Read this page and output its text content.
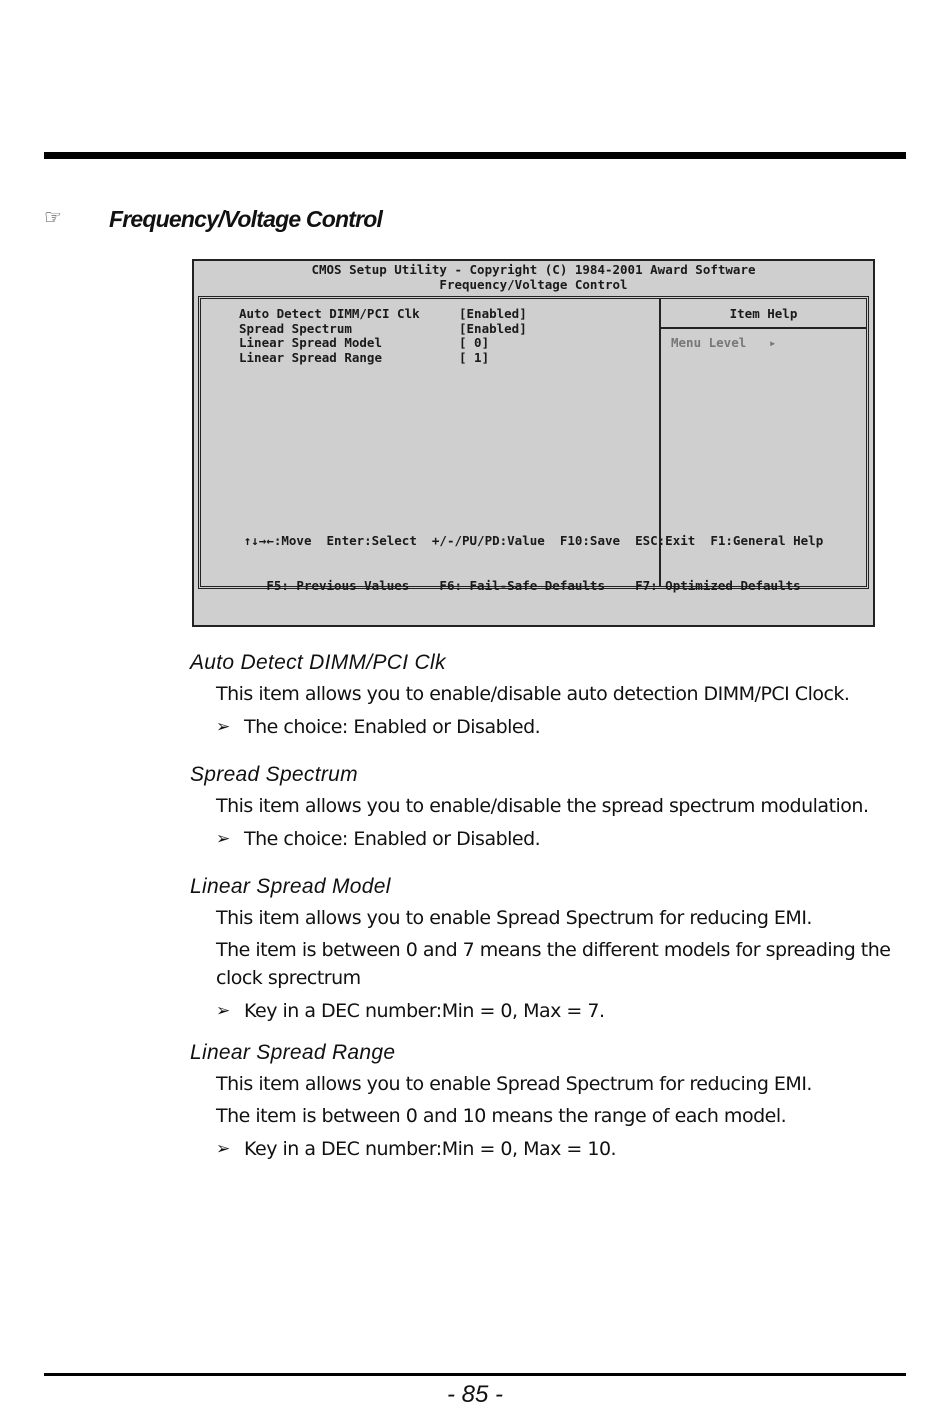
☞ Frequency/Voltage Control
CMOS Setup Utility - Copyright (C) 1984-2001 Award Software
Frequency/Voltage Control
Auto Detect DIMM/PCI Clk	[Enabled]
Spread Spectrum	[Enabled]
Linear Spread Model	[ 0]
Linear Spread Range	[ 1]
Item Help
Menu Level   ▸

↑↓→←:Move  Enter:Select  +/-/PU/PD:Value  F10:Save  ESC:Exit  F1:General Help

F5: Previous Values    F6: Fail-Safe Defaults    F7: Optimized Defaults

Auto Detect DIMM/PCI Clk

This item allows you to enable/disable auto detection DIMM/PCI Clock.

➢ The choice: Enabled or Disabled.

Spread Spectrum

This item allows you to enable/disable the spread spectrum modulation.

➢ The choice: Enabled or Disabled.

Linear Spread Model

This item allows you to enable Spread Spectrum for reducing EMI.

The item is between 0 and 7 means the different models for spreading the clock sprectrum

➢ Key in a DEC number:Min = 0, Max = 7.

Linear Spread Range

This item allows you to enable Spread Spectrum for reducing EMI.

The item is between 0 and 10 means the range of each model.

➢ Key in a DEC number:Min = 0, Max = 10.
- 85 -
